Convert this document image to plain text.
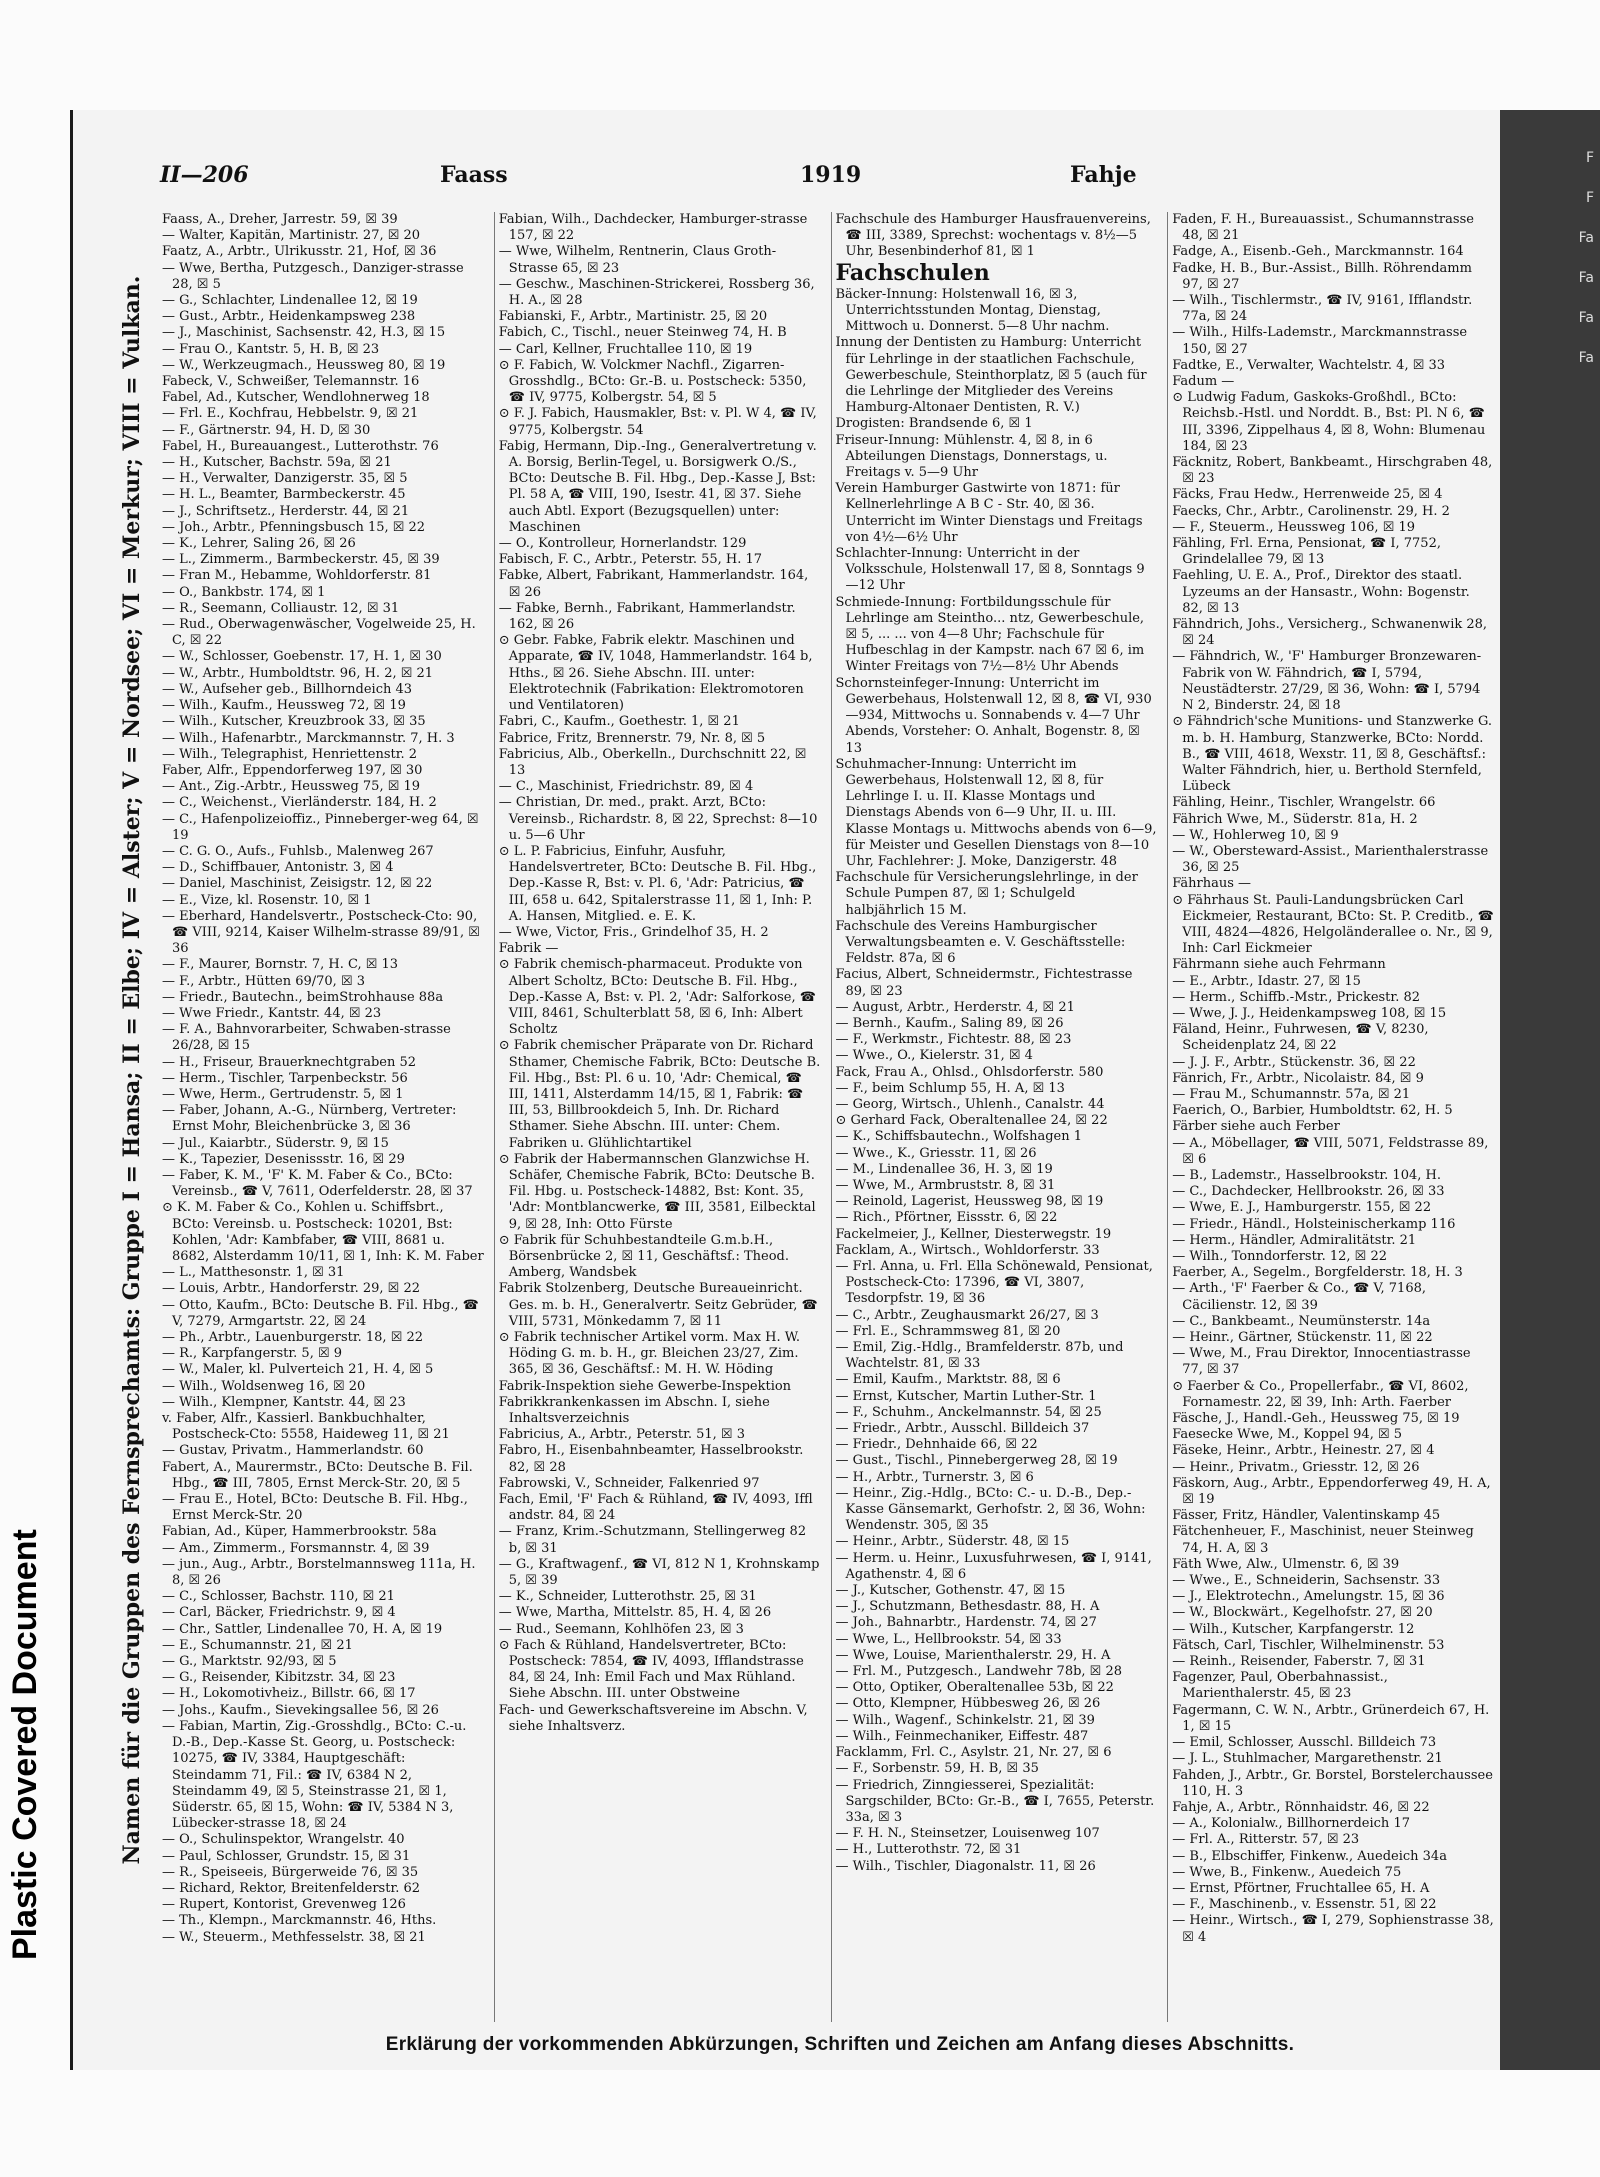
F
F
Fa
Fa
Fa
Fa
Plastic Covered Document	Namen für die Gruppen des Fernsprechamts: Gruppe I = Hansa; II = Elbe; IV = Alster; V = Nordsee; VI = Merkur; VIII = Vulkan.
II—206	Faass	1919	Fahje

Faass, A., Dreher, Jarrestr. 59, ☒ 39

— Walter, Kapitän, Martinistr. 27, ☒ 20

Faatz, A., Arbtr., Ulrikusstr. 21, Hof, ☒ 36

— Wwe, Bertha, Putzgesch., Danziger-strasse 28, ☒ 5

— G., Schlachter, Lindenallee 12, ☒ 19

— Gust., Arbtr., Heidenkampsweg 238

— J., Maschinist, Sachsenstr. 42, H.3, ☒ 15

— Frau O., Kantstr. 5, H. B, ☒ 23

— W., Werkzeugmach., Heussweg 80, ☒ 19

Fabeck, V., Schweißer, Telemannstr. 16

Fabel, Ad., Kutscher, Wendlohnerweg 18

— Frl. E., Kochfrau, Hebbelstr. 9, ☒ 21

— F., Gärtnerstr. 94, H. D, ☒ 30

Fabel, H., Bureauangest., Lutterothstr. 76

— H., Kutscher, Bachstr. 59a, ☒ 21

— H., Verwalter, Danzigerstr. 35, ☒ 5

— H. L., Beamter, Barmbeckerstr. 45

— J., Schriftsetz., Herderstr. 44, ☒ 21

— Joh., Arbtr., Pfenningsbusch 15, ☒ 22

— K., Lehrer, Saling 26, ☒ 26

— L., Zimmerm., Barmbeckerstr. 45, ☒ 39

— Fran M., Hebamme, Wohldorferstr. 81

— O., Bankbstr. 174, ☒ 1

— R., Seemann, Colliaustr. 12, ☒ 31

— Rud., Oberwagenwäscher, Vogelweide 25, H. C, ☒ 22

— W., Schlosser, Goebenstr. 17, H. 1, ☒ 30

— W., Arbtr., Humboldtstr. 96, H. 2, ☒ 21

— W., Aufseher geb., Billhorndeich 43

— Wilh., Kaufm., Heussweg 72, ☒ 19

— Wilh., Kutscher, Kreuzbrook 33, ☒ 35

— Wilh., Hafenarbtr., Marckmannstr. 7, H. 3

— Wilh., Telegraphist, Henriettenstr. 2

Faber, Alfr., Eppendorferweg 197, ☒ 30

— Ant., Zig.-Arbtr., Heussweg 75, ☒ 19

— C., Weichenst., Vierländerstr. 184, H. 2

— C., Hafenpolizeioffiz., Pinneberger-weg 64, ☒ 19

— C. G. O., Aufs., Fuhlsb., Malenweg 267

— D., Schiffbauer, Antonistr. 3, ☒ 4

— Daniel, Maschinist, Zeisigstr. 12, ☒ 22

— E., Vize, kl. Rosenstr. 10, ☒ 1

— Eberhard, Handelsvertr., Postscheck-Cto: 90, ☎ VIII, 9214, Kaiser Wilhelm-strasse 89/91, ☒ 36

— F., Maurer, Bornstr. 7, H. C, ☒ 13

— F., Arbtr., Hütten 69/70, ☒ 3

— Friedr., Bautechn., beimStrohhause 88a

— Wwe Friedr., Kantstr. 44, ☒ 23

— F. A., Bahnvorarbeiter, Schwaben-strasse 26/28, ☒ 15

— H., Friseur, Brauerknechtgraben 52

— Herm., Tischler, Tarpenbeckstr. 56

— Wwe, Herm., Gertrudenstr. 5, ☒ 1

— Faber, Johann, A.-G., Nürnberg, Vertreter: Ernst Mohr, Bleichenbrücke 3, ☒ 36

— Jul., Kaiarbtr., Süderstr. 9, ☒ 15

— K., Tapezier, Desenissstr. 16, ☒ 29

— Faber, K. M., 'F' K. M. Faber & Co., BCto: Vereinsb., ☎ V, 7611, Oderfelderstr. 28, ☒ 37

⊙ K. M. Faber & Co., Kohlen u. Schiffsbrt., BCto: Vereinsb. u. Postscheck: 10201, Bst: Kohlen, 'Adr: Kambfaber, ☎ VIII, 8681 u. 8682, Alsterdamm 10/11, ☒ 1, Inh: K. M. Faber

— L., Matthesonstr. 1, ☒ 31

— Louis, Arbtr., Handorferstr. 29, ☒ 22

— Otto, Kaufm., BCto: Deutsche B. Fil. Hbg., ☎ V, 7279, Armgartstr. 22, ☒ 24

— Ph., Arbtr., Lauenburgerstr. 18, ☒ 22

— R., Karpfangerstr. 5, ☒ 9

— W., Maler, kl. Pulverteich 21, H. 4, ☒ 5

— Wilh., Woldsenweg 16, ☒ 20

— Wilh., Klempner, Kantstr. 44, ☒ 23

v. Faber, Alfr., Kassierl. Bankbuchhalter, Postscheck-Cto: 5558, Haideweg 11, ☒ 21

— Gustav, Privatm., Hammerlandstr. 60

Fabert, A., Maurermstr., BCto: Deutsche B. Fil. Hbg., ☎ III, 7805, Ernst Merck-Str. 20, ☒ 5

— Frau E., Hotel, BCto: Deutsche B. Fil. Hbg., Ernst Merck-Str. 20

Fabian, Ad., Küper, Hammerbrookstr. 58a

— Am., Zimmerm., Forsmannstr. 4, ☒ 39

— jun., Aug., Arbtr., Borstelmannsweg 111a, H. 8, ☒ 26

— C., Schlosser, Bachstr. 110, ☒ 21

— Carl, Bäcker, Friedrichstr. 9, ☒ 4

— Chr., Sattler, Lindenallee 70, H. A, ☒ 19

— E., Schumannstr. 21, ☒ 21

— G., Marktstr. 92/93, ☒ 5

— G., Reisender, Kibitzstr. 34, ☒ 23

— H., Lokomotivheiz., Billstr. 66, ☒ 17

— Johs., Kaufm., Sievekingsallee 56, ☒ 26

— Fabian, Martin, Zig.-Grosshdlg., BCto: C.-u. D.-B., Dep.-Kasse St. Georg, u. Postscheck: 10275, ☎ IV, 3384, Hauptgeschäft: Steindamm 71, Fil.: ☎ IV, 6384 N 2, Steindamm 49, ☒ 5, Steinstrasse 21, ☒ 1, Süderstr. 65, ☒ 15, Wohn: ☎ IV, 5384 N 3, Lübecker-strasse 18, ☒ 24

— O., Schulinspektor, Wrangelstr. 40

— Paul, Schlosser, Grundstr. 15, ☒ 31

— R., Speiseeis, Bürgerweide 76, ☒ 35

— Richard, Rektor, Breitenfelderstr. 62

— Rupert, Kontorist, Grevenweg 126

— Th., Klempn., Marckmannstr. 46, Hths.

— W., Steuerm., Methfesselstr. 38, ☒ 21

Fabian, Wilh., Dachdecker, Hamburger-strasse 157, ☒ 22

— Wwe, Wilhelm, Rentnerin, Claus Groth-Strasse 65, ☒ 23

— Geschw., Maschinen-Strickerei, Rossberg 36, H. A., ☒ 28

Fabianski, F., Arbtr., Martinistr. 25, ☒ 20

Fabich, C., Tischl., neuer Steinweg 74, H. B

— Carl, Kellner, Fruchtallee 110, ☒ 19

⊙ F. Fabich, W. Volckmer Nachfl., Zigarren-Grosshdlg., BCto: Gr.-B. u. Postscheck: 5350, ☎ IV, 9775, Kolbergstr. 54, ☒ 5

⊙ F. J. Fabich, Hausmakler, Bst: v. Pl. W 4, ☎ IV, 9775, Kolbergstr. 54

Fabig, Hermann, Dip.-Ing., Generalvertretung v. A. Borsig, Berlin-Tegel, u. Borsigwerk O./S., BCto: Deutsche B. Fil. Hbg., Dep.-Kasse J, Bst: Pl. 58 A, ☎ VIII, 190, Isestr. 41, ☒ 37. Siehe auch Abtl. Export (Bezugsquellen) unter: Maschinen

— O., Kontrolleur, Hornerlandstr. 129

Fabisch, F. C., Arbtr., Peterstr. 55, H. 17

Fabke, Albert, Fabrikant, Hammerlandstr. 164, ☒ 26

— Fabke, Bernh., Fabrikant, Hammerlandstr. 162, ☒ 26

⊙ Gebr. Fabke, Fabrik elektr. Maschinen und Apparate, ☎ IV, 1048, Hammerlandstr. 164 b, Hths., ☒ 26. Siehe Abschn. III. unter: Elektrotechnik (Fabrikation: Elektromotoren und Ventilatoren)

Fabri, C., Kaufm., Goethestr. 1, ☒ 21

Fabrice, Fritz, Brennerstr. 79, Nr. 8, ☒ 5

Fabricius, Alb., Oberkelln., Durchschnitt 22, ☒ 13

— C., Maschinist, Friedrichstr. 89, ☒ 4

— Christian, Dr. med., prakt. Arzt, BCto: Vereinsb., Richardstr. 8, ☒ 22, Sprechst: 8—10 u. 5—6 Uhr

⊙ L. P. Fabricius, Einfuhr, Ausfuhr, Handelsvertreter, BCto: Deutsche B. Fil. Hbg., Dep.-Kasse R, Bst: v. Pl. 6, 'Adr: Patricius, ☎ III, 658 u. 642, Spitalerstrasse 11, ☒ 1, Inh: P. A. Hansen, Mitglied. e. E. K.

— Wwe, Victor, Fris., Grindelhof 35, H. 2

Fabrik —

⊙ Fabrik chemisch-pharmaceut. Produkte von Albert Scholtz, BCto: Deutsche B. Fil. Hbg., Dep.-Kasse A, Bst: v. Pl. 2, 'Adr: Salforkose, ☎ VIII, 8461, Schulterblatt 58, ☒ 6, Inh: Albert Scholtz

⊙ Fabrik chemischer Präparate von Dr. Richard Sthamer, Chemische Fabrik, BCto: Deutsche B. Fil. Hbg., Bst: Pl. 6 u. 10, 'Adr: Chemical, ☎ III, 1411, Alsterdamm 14/15, ☒ 1, Fabrik: ☎ III, 53, Billbrookdeich 5, Inh. Dr. Richard Sthamer. Siehe Abschn. III. unter: Chem. Fabriken u. Glühlichtartikel

⊙ Fabrik der Habermannschen Glanzwichse H. Schäfer, Chemische Fabrik, BCto: Deutsche B. Fil. Hbg. u. Postscheck-14882, Bst: Kont. 35, 'Adr: Montblancwerke, ☎ III, 3581, Eilbecktal 9, ☒ 28, Inh: Otto Fürste

⊙ Fabrik für Schuhbestandteile G.m.b.H., Börsenbrücke 2, ☒ 11, Geschäftsf.: Theod. Amberg, Wandsbek

Fabrik Stolzenberg, Deutsche Bureaueinricht. Ges. m. b. H., Generalvertr. Seitz Gebrüder, ☎ VIII, 5731, Mönkedamm 7, ☒ 11

⊙ Fabrik technischer Artikel vorm. Max H. W. Höding G. m. b. H., gr. Bleichen 23/27, Zim. 365, ☒ 36, Geschäftsf.: M. H. W. Höding

Fabrik-Inspektion siehe Gewerbe-Inspektion

Fabrikkrankenkassen im Abschn. I, siehe Inhaltsverzeichnis

Fabricius, A., Arbtr., Peterstr. 51, ☒ 3

Fabro, H., Eisenbahnbeamter, Hasselbrookstr. 82, ☒ 28

Fabrowski, V., Schneider, Falkenried 97

Fach, Emil, 'F' Fach & Rühland, ☎ IV, 4093, Iffl andstr. 84, ☒ 24

— Franz, Krim.-Schutzmann, Stellingerweg 82 b, ☒ 31

— G., Kraftwagenf., ☎ VI, 812 N 1, Krohnskamp 5, ☒ 39

— K., Schneider, Lutterothstr. 25, ☒ 31

— Wwe, Martha, Mittelstr. 85, H. 4, ☒ 26

— Rud., Seemann, Kohlhöfen 23, ☒ 3

⊙ Fach & Rühland, Handelsvertreter, BCto: Postscheck: 7854, ☎ IV, 4093, Ifflandstrasse 84, ☒ 24, Inh: Emil Fach und Max Rühland. Siehe Abschn. III. unter Obstweine

Fach- und Gewerkschaftsvereine im Abschn. V, siehe Inhaltsverz.

Fachschule des Hamburger Hausfrauenvereins, ☎ III, 3389, Sprechst: wochentags v. 8½—5 Uhr, Besenbinderhof 81, ☒ 1

Fachschulen

Bäcker-Innung: Holstenwall 16, ☒ 3, Unterrichtsstunden Montag, Dienstag, Mittwoch u. Donnerst. 5—8 Uhr nachm.

Innung der Dentisten zu Hamburg: Unterricht für Lehrlinge in der staatlichen Fachschule, Gewerbeschule, Steinthorplatz, ☒ 5 (auch für die Lehrlinge der Mitglieder des Vereins Hamburg-Altonaer Dentisten, R. V.)

Drogisten: Brandsende 6, ☒ 1

Friseur-Innung: Mühlenstr. 4, ☒ 8, in 6 Abteilungen Dienstags, Donnerstags, u. Freitags v. 5—9 Uhr

Verein Hamburger Gastwirte von 1871: für Kellnerlehrlinge A B C - Str. 40, ☒ 36. Unterricht im Winter Dienstags und Freitags von 4½—6½ Uhr

Schlachter-Innung: Unterricht in der Volksschule, Holstenwall 17, ☒ 8, Sonntags 9—12 Uhr

Schmiede-Innung: Fortbildungsschule für Lehrlinge am Steintho... ntz, Gewerbeschule, ☒ 5, ... ... von 4—8 Uhr; Fachschule für Hufbeschlag in der Kampstr. nach 67 ☒ 6, im Winter Freitags von 7½—8½ Uhr Abends

Schornsteinfeger-Innung: Unterricht im Gewerbehaus, Holstenwall 12, ☒ 8, ☎ VI, 930—934, Mittwochs u. Sonnabends v. 4—7 Uhr Abends, Vorsteher: O. Anhalt, Bogenstr. 8, ☒ 13

Schuhmacher-Innung: Unterricht im Gewerbehaus, Holstenwall 12, ☒ 8, für Lehrlinge I. u. II. Klasse Montags und Dienstags Abends von 6—9 Uhr, II. u. III. Klasse Montags u. Mittwochs abends von 6—9, für Meister und Gesellen Dienstags von 8—10 Uhr, Fachlehrer: J. Moke, Danzigerstr. 48

Fachschule für Versicherungslehrlinge, in der Schule Pumpen 87, ☒ 1; Schulgeld halbjährlich 15 M.

Fachschule des Vereins Hamburgischer Verwaltungsbeamten e. V. Geschäftsstelle: Feldstr. 87a, ☒ 6

Facius, Albert, Schneidermstr., Fichtestrasse 89, ☒ 23

— August, Arbtr., Herderstr. 4, ☒ 21

— Bernh., Kaufm., Saling 89, ☒ 26

— F., Werkmstr., Fichtestr. 88, ☒ 23

— Wwe., O., Kielerstr. 31, ☒ 4

Fack, Frau A., Ohlsd., Ohlsdorferstr. 580

— F., beim Schlump 55, H. A, ☒ 13

— Georg, Wirtsch., Uhlenh., Canalstr. 44

⊙ Gerhard Fack, Oberaltenallee 24, ☒ 22

— K., Schiffsbautechn., Wolfshagen 1

— Wwe., K., Griesstr. 11, ☒ 26

— M., Lindenallee 36, H. 3, ☒ 19

— Wwe, M., Armbruststr. 8, ☒ 31

— Reinold, Lagerist, Heussweg 98, ☒ 19

— Rich., Pförtner, Eissstr. 6, ☒ 22

Fackelmeier, J., Kellner, Diesterwegstr. 19

Facklam, A., Wirtsch., Wohldorferstr. 33

— Frl. Anna, u. Frl. Ella Schönewald, Pensionat, Postscheck-Cto: 17396, ☎ VI, 3807, Tesdorpfstr. 19, ☒ 36

— C., Arbtr., Zeughausmarkt 26/27, ☒ 3

— Frl. E., Schrammsweg 81, ☒ 20

— Emil, Zig.-Hdlg., Bramfelderstr. 87b, und Wachtelstr. 81, ☒ 33

— Emil, Kaufm., Marktstr. 88, ☒ 6

— Ernst, Kutscher, Martin Luther-Str. 1

— F., Schuhm., Anckelmannstr. 54, ☒ 25

— Friedr., Arbtr., Ausschl. Billdeich 37

— Friedr., Dehnhaide 66, ☒ 22

— Gust., Tischl., Pinnebergerweg 28, ☒ 19

— H., Arbtr., Turnerstr. 3, ☒ 6

— Heinr., Zig.-Hdlg., BCto: C.- u. D.-B., Dep.-Kasse Gänsemarkt, Gerhofstr. 2, ☒ 36, Wohn: Wendenstr. 305, ☒ 35

— Heinr., Arbtr., Süderstr. 48, ☒ 15

— Herm. u. Heinr., Luxusfuhrwesen, ☎ I, 9141, Agathenstr. 4, ☒ 6

— J., Kutscher, Gothenstr. 47, ☒ 15

— J., Schutzmann, Bethesdastr. 88, H. A

— Joh., Bahnarbtr., Hardenstr. 74, ☒ 27

— Wwe, L., Hellbrookstr. 54, ☒ 33

— Wwe, Louise, Marienthalerstr. 29, H. A

— Frl. M., Putzgesch., Landwehr 78b, ☒ 28

— Otto, Optiker, Oberaltenallee 53b, ☒ 22

— Otto, Klempner, Hübbesweg 26, ☒ 26

— Wilh., Wagenf., Schinkelstr. 21, ☒ 39

— Wilh., Feinmechaniker, Eiffestr. 487

Facklamm, Frl. C., Asylstr. 21, Nr. 27, ☒ 6

— F., Sorbenstr. 59, H. B, ☒ 35

— Friedrich, Zinngiesserei, Spezialität: Sargschilder, BCto: Gr.-B., ☎ I, 7655, Peterstr. 33a, ☒ 3

— F. H. N., Steinsetzer, Louisenweg 107

— H., Lutterothstr. 72, ☒ 31

— Wilh., Tischler, Diagonalstr. 11, ☒ 26

Faden, F. H., Bureauassist., Schumannstrasse 48, ☒ 21

Fadge, A., Eisenb.-Geh., Marckmannstr. 164

Fadke, H. B., Bur.-Assist., Billh. Röhrendamm 97, ☒ 27

— Wilh., Tischlermstr., ☎ IV, 9161, Ifflandstr. 77a, ☒ 24

— Wilh., Hilfs-Lademstr., Marckmannstrasse 150, ☒ 27

Fadtke, E., Verwalter, Wachtelstr. 4, ☒ 33

Fadum —

⊙ Ludwig Fadum, Gaskoks-Großhdl., BCto: Reichsb.-Hstl. und Norddt. B., Bst: Pl. N 6, ☎ III, 3396, Zippelhaus 4, ☒ 8, Wohn: Blumenau 184, ☒ 23

Fäcknitz, Robert, Bankbeamt., Hirschgraben 48, ☒ 23

Fäcks, Frau Hedw., Herrenweide 25, ☒ 4

Faecks, Chr., Arbtr., Carolinenstr. 29, H. 2

— F., Steuerm., Heussweg 106, ☒ 19

Fähling, Frl. Erna, Pensionat, ☎ I, 7752, Grindelallee 79, ☒ 13

Faehling, U. E. A., Prof., Direktor des staatl. Lyzeums an der Hansastr., Wohn: Bogenstr. 82, ☒ 13

Fähndrich, Johs., Versicherg., Schwanenwik 28, ☒ 24

— Fähndrich, W., 'F' Hamburger Bronzewaren-Fabrik von W. Fähndrich, ☎ I, 5794, Neustädterstr. 27/29, ☒ 36, Wohn: ☎ I, 5794 N 2, Binderstr. 24, ☒ 18

⊙ Fähndrich'sche Munitions- und Stanzwerke G. m. b. H. Hamburg, Stanzwerke, BCto: Nordd. B., ☎ VIII, 4618, Wexstr. 11, ☒ 8, Geschäftsf.: Walter Fähndrich, hier, u. Berthold Sternfeld, Lübeck

Fähling, Heinr., Tischler, Wrangelstr. 66

Fährich Wwe, M., Süderstr. 81a, H. 2

— W., Hohlerweg 10, ☒ 9

— W., Obersteward-Assist., Marienthalerstrasse 36, ☒ 25

Fährhaus —

⊙ Fährhaus St. Pauli-Landungsbrücken Carl Eickmeier, Restaurant, BCto: St. P. Creditb., ☎ VIII, 4824—4826, Helgoländerallee o. Nr., ☒ 9, Inh: Carl Eickmeier

Fährmann siehe auch Fehrmann

— E., Arbtr., Idastr. 27, ☒ 15

— Herm., Schiffb.-Mstr., Prickestr. 82

— Wwe, J. J., Heidenkampsweg 108, ☒ 15

Fäland, Heinr., Fuhrwesen, ☎ V, 8230, Scheidenplatz 24, ☒ 22

— J. J. F., Arbtr., Stückenstr. 36, ☒ 22

Fänrich, Fr., Arbtr., Nicolaistr. 84, ☒ 9

— Frau M., Schumannstr. 57a, ☒ 21

Faerich, O., Barbier, Humboldtstr. 62, H. 5

Färber siehe auch Ferber

— A., Möbellager, ☎ VIII, 5071, Feldstrasse 89, ☒ 6

— B., Lademstr., Hasselbrookstr. 104, H.

— C., Dachdecker, Hellbrookstr. 26, ☒ 33

— Wwe, E. J., Hamburgerstr. 155, ☒ 22

— Friedr., Händl., Holsteinischerkamp 116

— Herm., Händler, Admiralitätstr. 21

— Wilh., Tonndorferstr. 12, ☒ 22

Faerber, A., Segelm., Borgfelderstr. 18, H. 3

— Arth., 'F' Faerber & Co., ☎ V, 7168, Cäcilienstr. 12, ☒ 39

— C., Bankbeamt., Neumünsterstr. 14a

— Heinr., Gärtner, Stückenstr. 11, ☒ 22

— Wwe, M., Frau Direktor, Innocentiastrasse 77, ☒ 37

⊙ Faerber & Co., Propellerfabr., ☎ VI, 8602, Fornamestr. 22, ☒ 39, Inh: Arth. Faerber

Fäsche, J., Handl.-Geh., Heussweg 75, ☒ 19

Faesecke Wwe, M., Koppel 94, ☒ 5

Fäseke, Heinr., Arbtr., Heinestr. 27, ☒ 4

— Heinr., Privatm., Griesstr. 12, ☒ 26

Fäskorn, Aug., Arbtr., Eppendorferweg 49, H. A, ☒ 19

Fässer, Fritz, Händler, Valentinskamp 45

Fätchenheuer, F., Maschinist, neuer Steinweg 74, H. A, ☒ 3

Fäth Wwe, Alw., Ulmenstr. 6, ☒ 39

— Wwe., E., Schneiderin, Sachsenstr. 33

— J., Elektrotechn., Amelungstr. 15, ☒ 36

— W., Blockwärt., Kegelhofstr. 27, ☒ 20

— Wilh., Kutscher, Karpfangerstr. 12

Fätsch, Carl, Tischler, Wilhelminenstr. 53

— Reinh., Reisender, Faberstr. 7, ☒ 31

Fagenzer, Paul, Oberbahnassist., Marienthalerstr. 45, ☒ 23

Fagermann, C. W. N., Arbtr., Grünerdeich 67, H. 1, ☒ 15

— Emil, Schlosser, Ausschl. Billdeich 73

— J. L., Stuhlmacher, Margarethenstr. 21

Fahden, J., Arbtr., Gr. Borstel, Borstelerchaussee 110, H. 3

Fahje, A., Arbtr., Rönnhaidstr. 46, ☒ 22

— A., Kolonialw., Billhornerdeich 17

— Frl. A., Ritterstr. 57, ☒ 23

— B., Elbschiffer, Finkenw., Auedeich 34a

— Wwe, B., Finkenw., Auedeich 75

— Ernst, Pförtner, Fruchtallee 65, H. A

— F., Maschinenb., v. Essenstr. 51, ☒ 22

— Heinr., Wirtsch., ☎ I, 279, Sophienstrasse 38, ☒ 4

Erklärung der vorkommenden Abkürzungen, Schriften und Zeichen am Anfang dieses Abschnitts.
